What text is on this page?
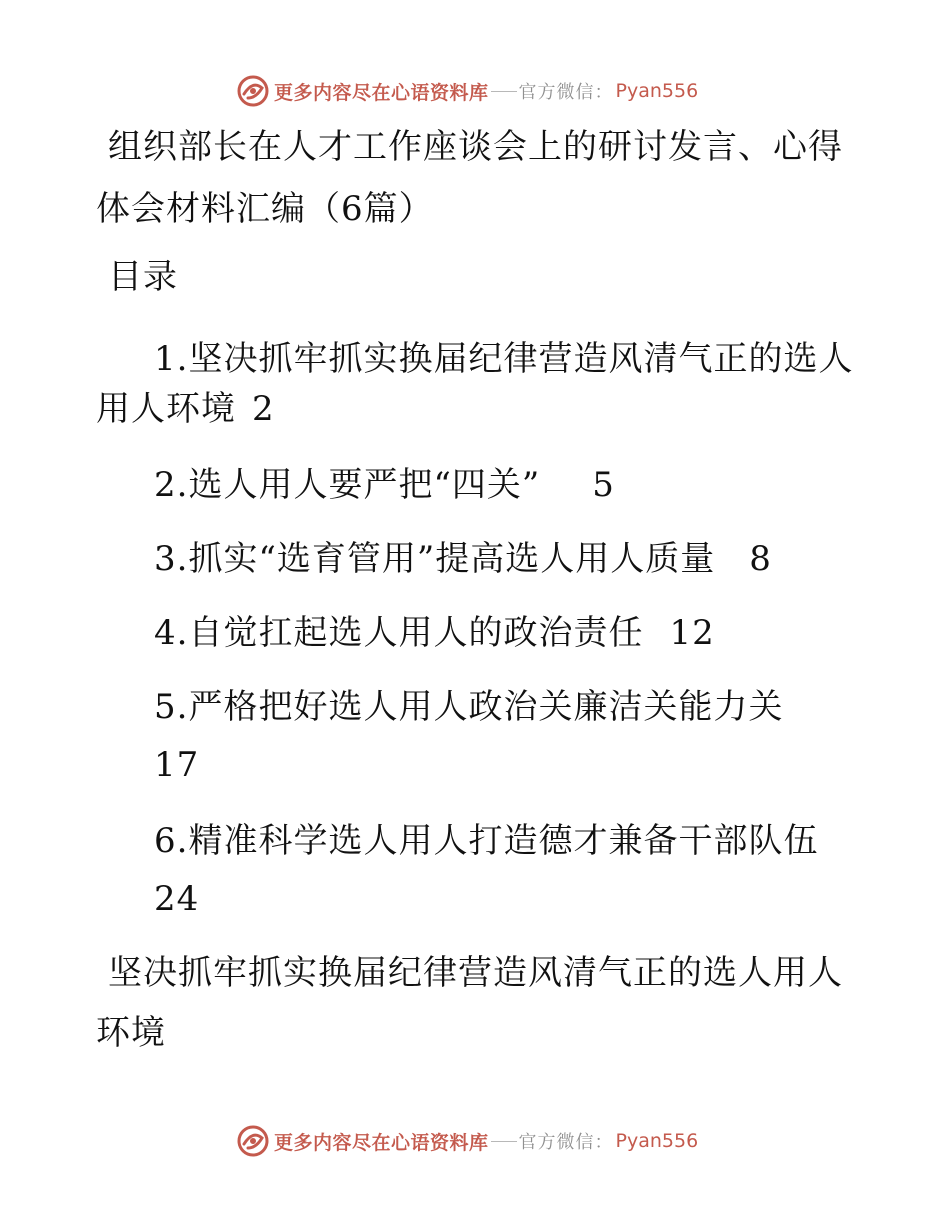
更多内容尽在心语资料库 官方微信： Pyan556
组织部长在人才工作座谈会上的研讨发言、心得
体会材料汇编（6篇）
目录
1.坚决抓牢抓实换届纪律营造风清气正的选人
用人环境 2
2.选人用人要严把“四关” 5
3.抓实“选育管用”提高选人用人质量 8
4.自觉扛起选人用人的政治责任 12
5.严格把好选人用人政治关廉洁关能力关
17
6.精准科学选人用人打造德才兼备干部队伍
24
坚决抓牢抓实换届纪律营造风清气正的选人用人
环境
更多内容尽在心语资料库 官方微信： Pyan556
